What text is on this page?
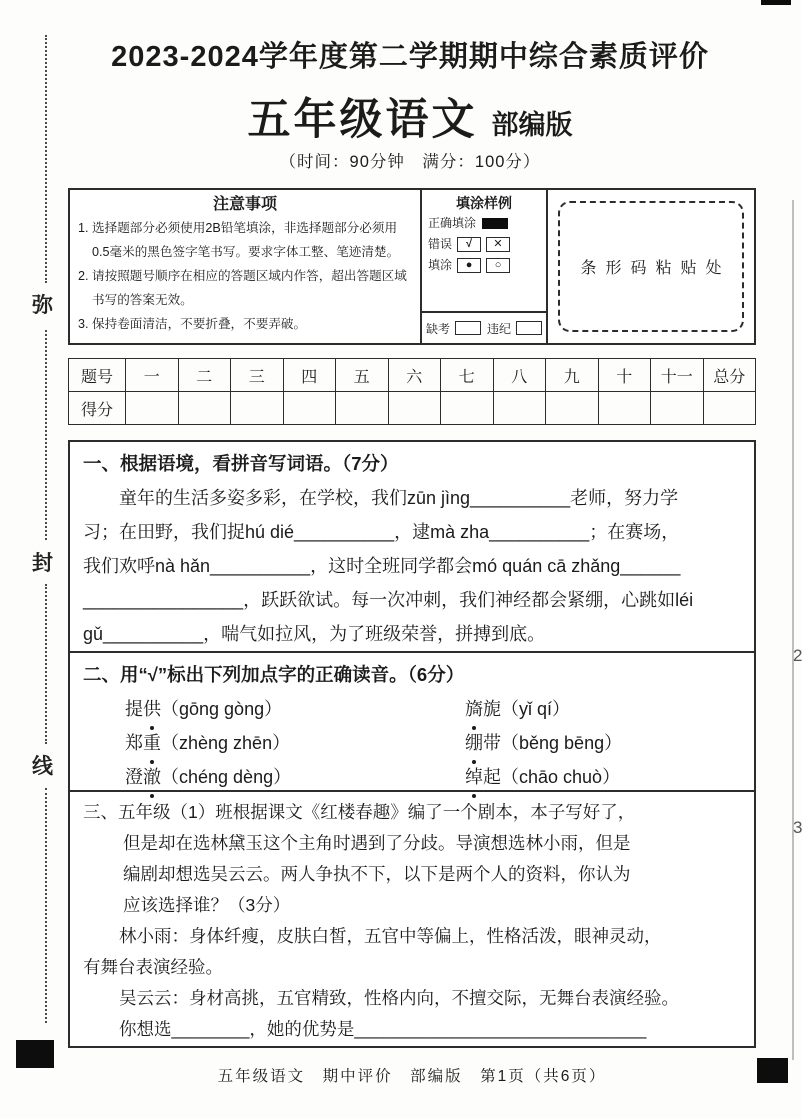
弥
封
线
2
3
2023-2024学年度第二学期期中综合素质评价
五年级语文 部编版
（时间：90分钟　满分：100分）
注意事项
1. 选择题部分必须使用2B铅笔填涂，非选择题部分必须用0.5毫米的黑色签字笔书写。要求字体工整、笔迹清楚。
2. 请按照题号顺序在相应的答题区域内作答，超出答题区域书写的答案无效。
3. 保持卷面清洁，不要折叠，不要弄破。
填涂样例
正确填涂
错误	√	✕
填涂	●	○
缺考	违纪
条形码粘贴处
题号	一	二	三	四	五	六	七	八	九	十	十一	总分
得分												
一、根据语境，看拼音写词语。（7分）
童年的生活多姿多彩，在学校，我们zūn jìng__________老师，努力学
习；在田野，我们捉hú dié__________，逮mà zha__________；在赛场，
我们欢呼nà hǎn__________，这时全班同学都会mó quán cā zhǎng______
________________，跃跃欲试。每一次冲刺，我们神经都会紧绷，心跳如léi
gǔ__________，喘气如拉风，为了班级荣誉，拼搏到底。
二、用“√”标出下列加点字的正确读音。（6分）
提供（gōng gòng）	旖旎（yǐ qí）
郑重（zhèng zhēn）	绷带（běng bēng）
澄澈（chéng dèng）	绰起（chāo chuò）
三、五年级（1）班根据课文《红楼春趣》编了一个剧本，本子写好了，
但是却在选林黛玉这个主角时遇到了分歧。导演想选林小雨，但是
编剧却想选吴云云。两人争执不下，以下是两个人的资料，你认为
应该选择谁？（3分）
林小雨：身体纤瘦，皮肤白皙，五官中等偏上，性格活泼，眼神灵动，
有舞台表演经验。
吴云云：身材高挑，五官精致，性格内向，不擅交际，无舞台表演经验。
你想选________，她的优势是______________________________
五年级语文　期中评价　部编版　第1页（共6页）
